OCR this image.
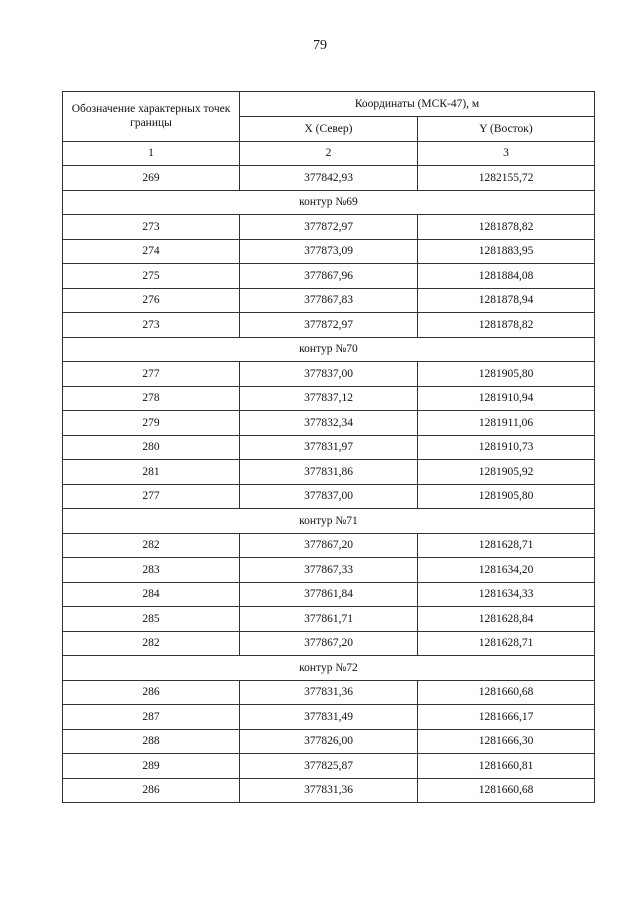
79
Обозначение характерных точек границы	Координаты (МСК-47), м	
	X (Север)	Y (Восток)
1	2	3
269	377842,93	1282155,72
контур №69		
273	377872,97	1281878,82
274	377873,09	1281883,95
275	377867,96	1281884,08
276	377867,83	1281878,94
273	377872,97	1281878,82
контур №70		
277	377837,00	1281905,80
278	377837,12	1281910,94
279	377832,34	1281911,06
280	377831,97	1281910,73
281	377831,86	1281905,92
277	377837,00	1281905,80
контур №71		
282	377867,20	1281628,71
283	377867,33	1281634,20
284	377861,84	1281634,33
285	377861,71	1281628,84
282	377867,20	1281628,71
контур №72		
286	377831,36	1281660,68
287	377831,49	1281666,17
288	377826,00	1281666,30
289	377825,87	1281660,81
286	377831,36	1281660,68
